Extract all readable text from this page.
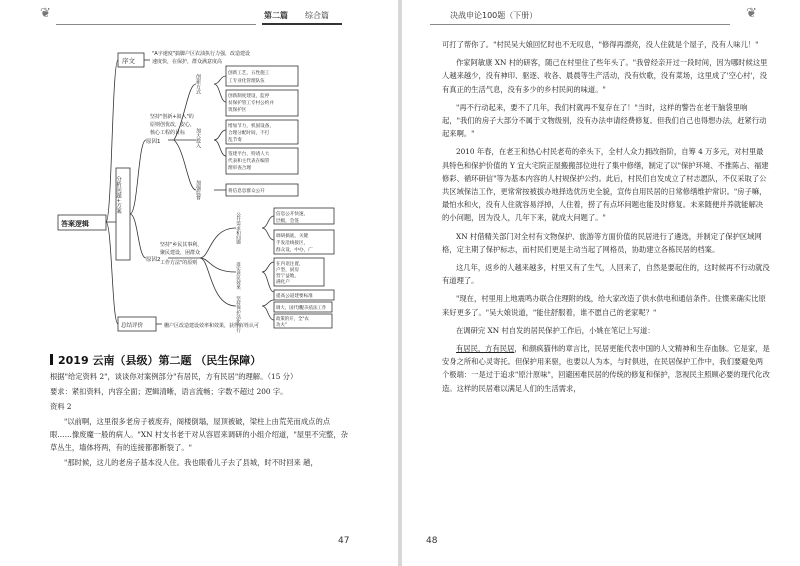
❦	第二篇 综合篇
答案逻辑
序文
"A字速度"搞脚户区农油执行力强，改造建设
速度快，在保护，群众满意度高
分析问题+方案
原因1
坚持"创新+叙入"的
原则创优改，安心，
核心工程的目标
创新方式
加大投入
加强监督
创新工艺，五性施工
工专业化管理队伍
创新制度建设，监停
贫保护管工专村公约并
筑保护区
增加节力，机固设备，
合理分配时间，不打
乱节奏
签建平台，特请人大
代表和主代表在编管
理审查合理
将信息息群众公开
原因2
坚持"乡民其事利，
聚民建设，困群众
工作方法"的原则
公开需求和问题
落实意民效果
坚持保护活化并行
信息公开快速，
层级，会签
调研搞底，关键
手发沿线接区，
群众设，中办，广
在内语注置，
户型，厨房
营宁益地，
满化户
提高公道建要标准
调大，国代修
坚决依法工作
政策的开，全"农
功夫"
总结评价	栅户区改造建设效率和效果，获得百姓认可
2019 云南（县级）第二题 （民生保障）

根据"给定资料 2"，谈谈你对案例部分"有居民，方有民居"的理解。（15 分）

要求：紧扣资料，内容全面；逻辑清晰，语言流畅；字数不超过 200 字。

资料 2

"以前啊，这里很多老房子被废弃，阁楼倒塌，屋顶被破，梁柱上由荒芜而成点的点眼……像废魔一般的病人。"XN 村支书老干对从容眉来调研的小组介绍道，"屋里不完整，杂草丛生，墙体将两，有的连接都都断裂了。"

"那时候，这儿的老房子基本没人住。我也眼看儿子去了县城，时不时回来 趟，

47
决战申论100题（下册）	❦

可打了帮你了。"村民吴大娘回忆时也不无叹息，"修得再漂亮，没人住就是个屋子，没有人味儿！"

作家阿敏康 XN 村的研客，随己在村里住了些年头了。"我曾经亲开过一段时间，因为哪时候这里人越来越少，没有神印、驱逐、收各、晨晨等生产活动，没有炊歌，没有菜场，这里成了'空心村'，没有真正的生活气息，没有多少的乡村民间的味道。"

"再不行动起来，要不了几年，我们村就再不复存在了！"当时，这样的警告在老干脑袋里响起，"我们的房子大部分不属于文物级别，没有办法申请经费修复。但我们自己也得想办法，赶紧行动起来啊。"

2010 年春，在老王和热心村民老苟的牵头下，全村人众力拥改指阶，自筹 4 万多元，对村里最具特色和保护价值的 Y 宜大宅院正屋搬搬部位进行了集中修缮，制定了以"保护环境、不推陈占、福建修彩、循环研信"等为基本内容的人村规保护公约。此后，村民们自发成立了村志愿队，不仅采取了公共区域保洁工作，更常常按被拔办地择选优历史全貌，宣传自用民居的日常修缮维护常识。"房子嘛，最怕水和火，没有人住就容易浮掉，人住着，捞了有点坏问题也能及时修复。未来随便并养就能解决的小问题，因为没人，几年下来，就成大问题了。"

XN 村借精关部门对全村有文物保护、旅游等方面价值的民居进行了遴选，并制定了保护区域网格，定主期了保护标志，而村民们更是主动当起了网格员，协助建立各栋民居的档案。

这几年，返乡的人越来越多，村里又有了生气，人回来了，自然是要起住的，这时候再不行动就没有道理了。

"现在，村里用上地震鸣办联合住理附的线，给大家改造了供水供电和通信条件。住惯来确实比原来好更多了。"吴大娘说道，"能住舒服着，谁不愿自己的老家呢？"

在调研完 XN 村自发的居民保护工作后，小姚在笔记上写道：

有居民，方有民居，和颜疯猫伟的章言比，民居更能代表中国的人文精神和生存血脉。它是家，是安身之所和心灵寄托。但保护用来驱，也要以人为本，与时俱进，在民居保护工作中，我们要避免两个极端：一是过于追求"原汁原味"，回避困难民居的传统的修复和保护，忽视民主照顾必要的现代化改造。这样的民居难以满足人们的生活需求，

48
